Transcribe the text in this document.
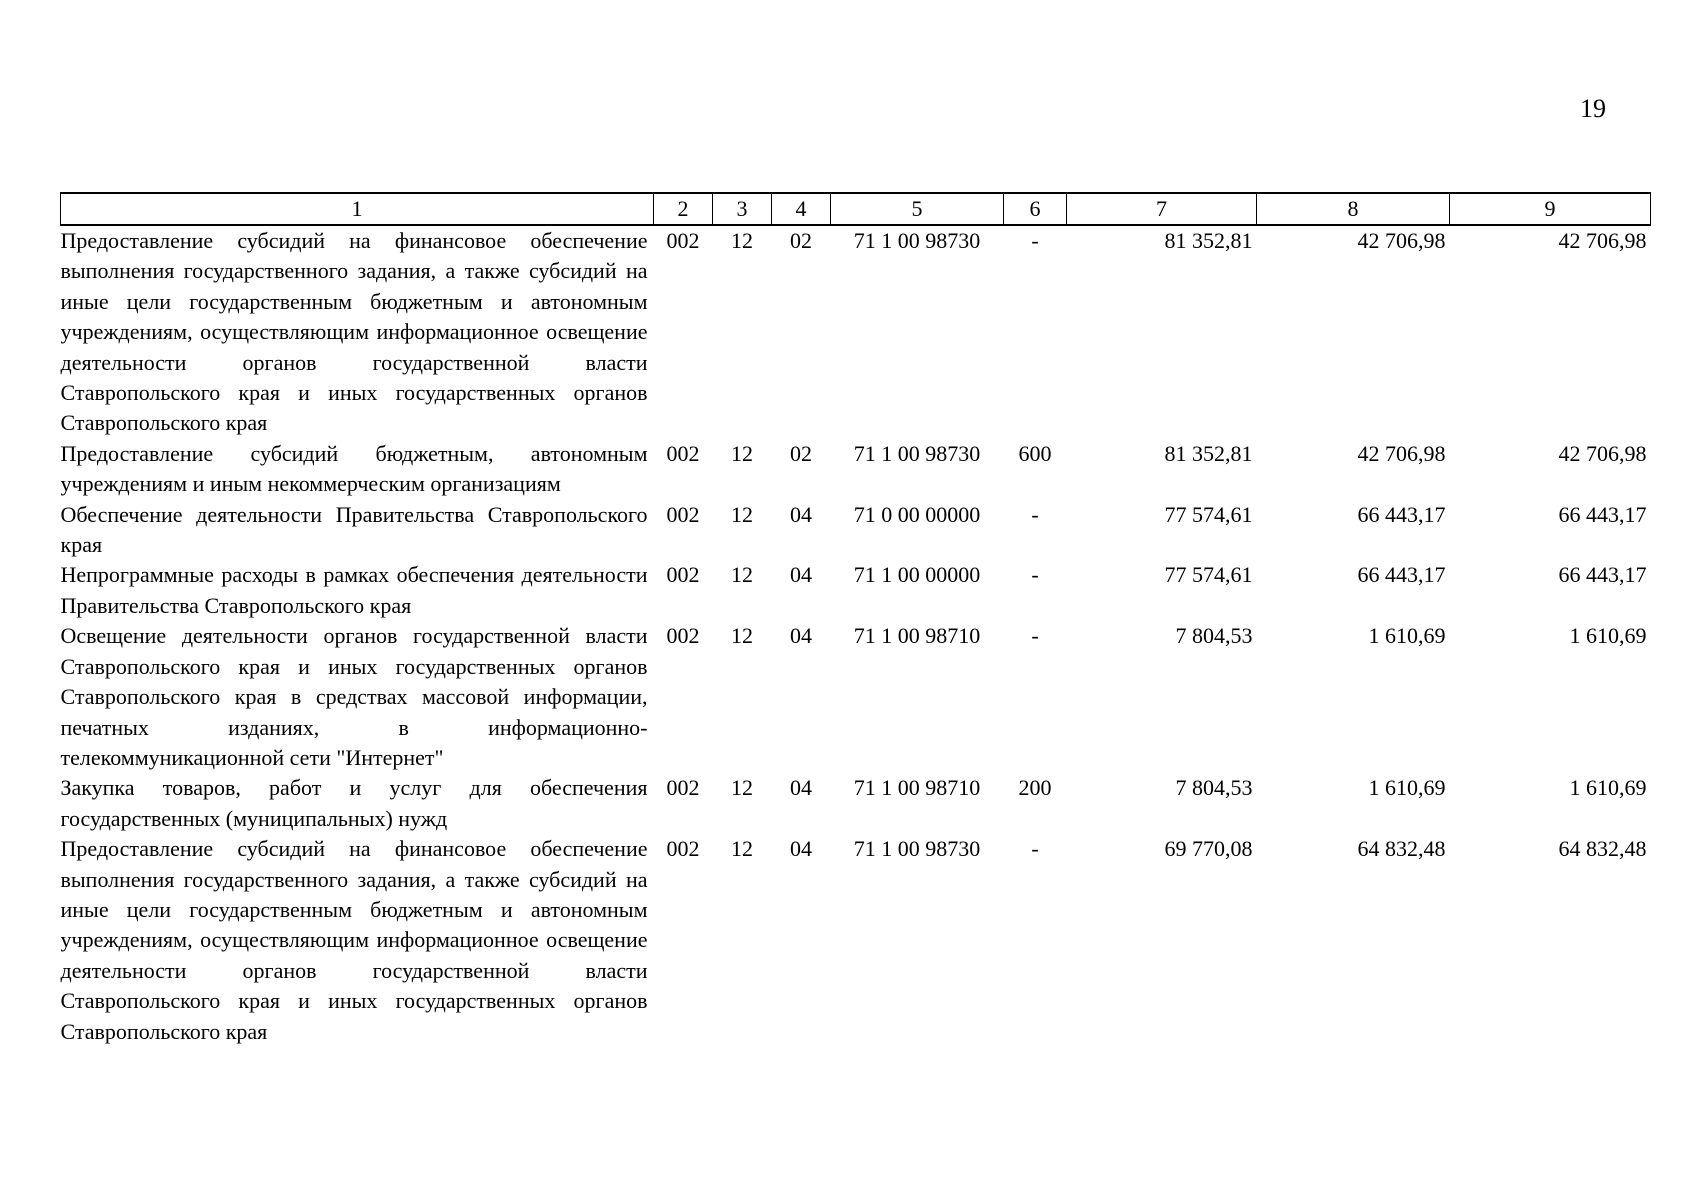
19
1	2	3	4	5	6	7	8	9
Предоставление субсидий на финансовое обеспечение выполнения государственного задания, а также субсидий на иные цели государственным бюджетным и автономным учреждениям, осуществляющим информационное освещение деятельности органов государственной власти Ставропольского края и иных государственных органов Ставропольского края	002	12	02	71 1 00 98730	-	81 352,81	42 706,98	42 706,98
Предоставление субсидий бюджетным, автономным учреждениям и иным некоммерческим организациям	002	12	02	71 1 00 98730	600	81 352,81	42 706,98	42 706,98
Обеспечение деятельности Правительства Ставропольского края	002	12	04	71 0 00 00000	-	77 574,61	66 443,17	66 443,17
Непрограммные расходы в рамках обеспечения деятельности Правительства Ставропольского края	002	12	04	71 1 00 00000	-	77 574,61	66 443,17	66 443,17
Освещение деятельности органов государственной власти Ставропольского края и иных государственных органов Ставропольского края в средствах массовой информации, печатных изданиях, в информационно-телекоммуникационной сети "Интернет"	002	12	04	71 1 00 98710	-	7 804,53	1 610,69	1 610,69
Закупка товаров, работ и услуг для обеспечения государственных (муниципальных) нужд	002	12	04	71 1 00 98710	200	7 804,53	1 610,69	1 610,69
Предоставление субсидий на финансовое обеспечение выполнения государственного задания, а также субсидий на иные цели государственным бюджетным и автономным учреждениям, осуществляющим информационное освещение деятельности органов государственной власти Ставропольского края и иных государственных органов Ставропольского края	002	12	04	71 1 00 98730	-	69 770,08	64 832,48	64 832,48
